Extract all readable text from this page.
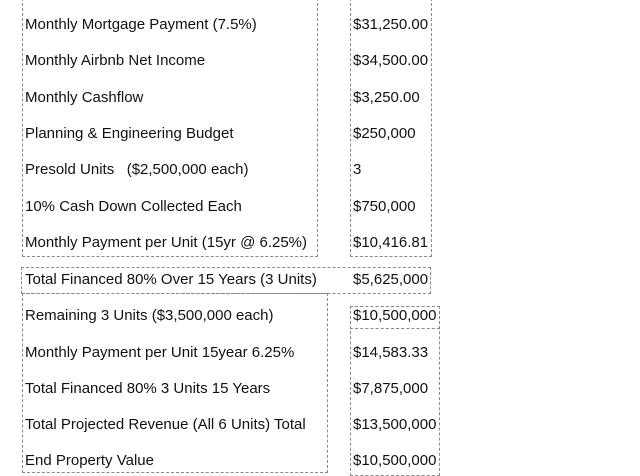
Monthly Mortgage Payment (7.5%)	$31,250.00
Monthly Airbnb Net Income	$34,500.00
Monthly Cashflow	$3,250.00
Planning & Engineering Budget	$250,000
Presold Units   ($2,500,000 each)	3
10% Cash Down Collected Each	$750,000
Monthly Payment per Unit (15yr @ 6.25%)	$10,416.81
Total Financed 80% Over 15 Years (3 Units) $5,625,000
Remaining 3 Units ($3,500,000 each)	$10,500,000
Monthly Payment per Unit 15year 6.25%	$14,583.33
Total Financed 80% 3 Units 15 Years	$7,875,000
Total Projected Revenue (All 6 Units) Total	$13,500,000
End Property Value	$10,500,000
